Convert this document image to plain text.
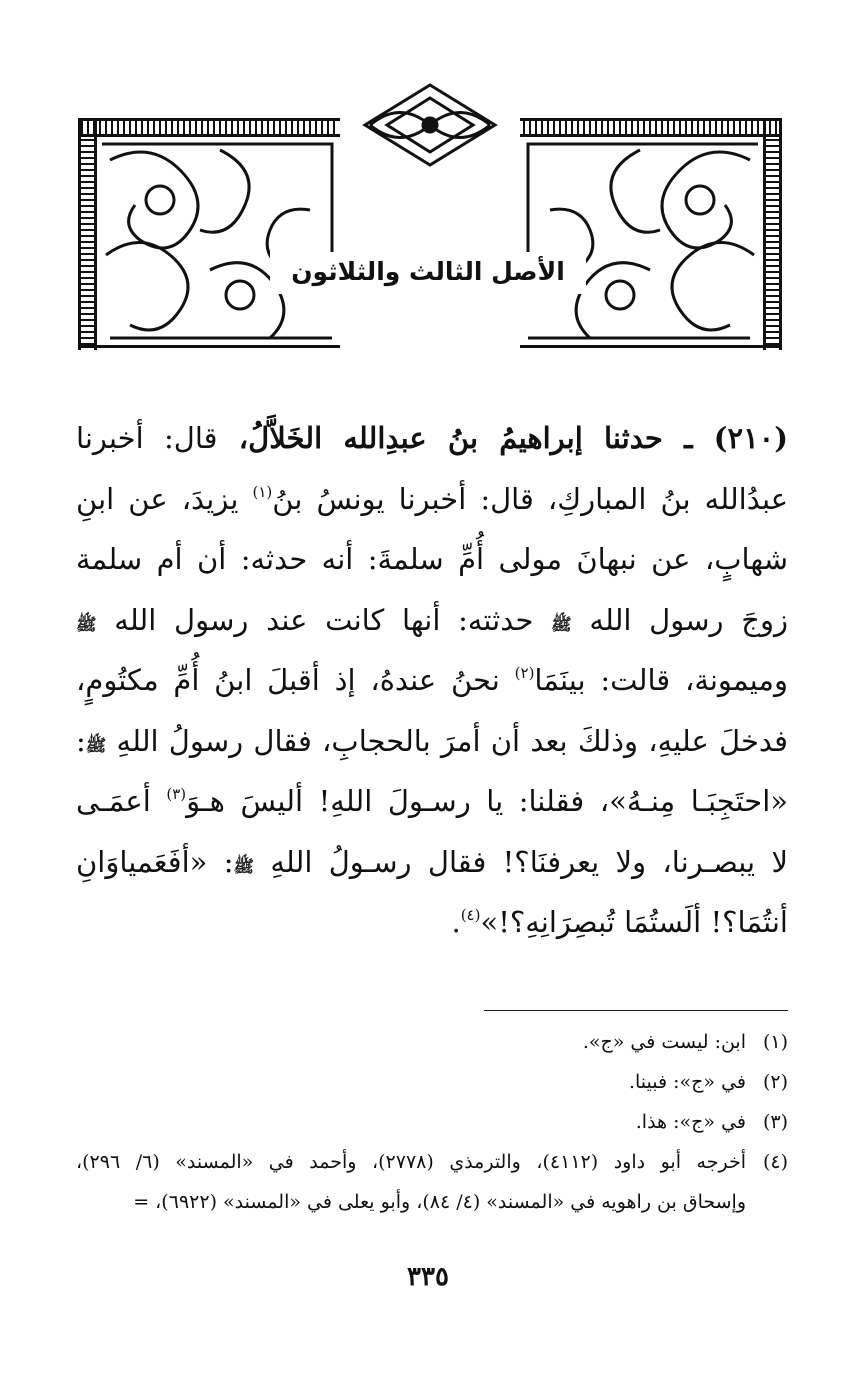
الأصل الثالث والثلاثون
(٢١٠) ـ حدثنا إبراهيمُ بنُ عبدِالله الخَلاَّلُ، قال: أخبرنا
عبدُالله بنُ المباركِ، قال: أخبرنا يونسُ بنُ$^{(١)}$ يزيدَ، عن ابنِ
شهابٍ، عن نبهانَ مولى أُمِّ سلمةَ: أنه حدثه: أن أم سلمة
زوجَ رسول الله ﷺ حدثته: أنها كانت عند رسول الله ﷺ
وميمونة، قالت: بينَمَا$^{(٢)}$ نحنُ عندهُ، إذ أقبلَ ابنُ أُمِّ مكتُومٍ،
فدخلَ عليهِ، وذلكَ بعد أن أمرَ بالحجابِ، فقال رسولُ اللهِ ﷺ:
«احتَجِبَـا مِنـهُ»، فقلنا: يا رسـولَ اللهِ! أليسَ هـوَ$^{(٣)}$ أعمَـى
لا يبصـرنا، ولا يعرفنَا؟! فقال رسـولُ اللهِ ﷺ: «أفَعَمياوَانِ
أنتُمَا؟! ألَستُمَا تُبصِرَانِهِ؟!»$^{(٤)}$.
(١)ابن: ليست في «ج».
(٢)في «ج»: فبينا.
(٣)في «ج»: هذا.
(٤)أخرجه أبو داود (٤١١٢)، والترمذي (٢٧٧٨)، وأحمد في «المسند» (٦/ ٢٩٦)،
وإسحاق بن راهويه في «المسند» (٤/ ٨٤)، وأبو يعلى في «المسند» (٦٩٢٢)، =
٣٣٥
